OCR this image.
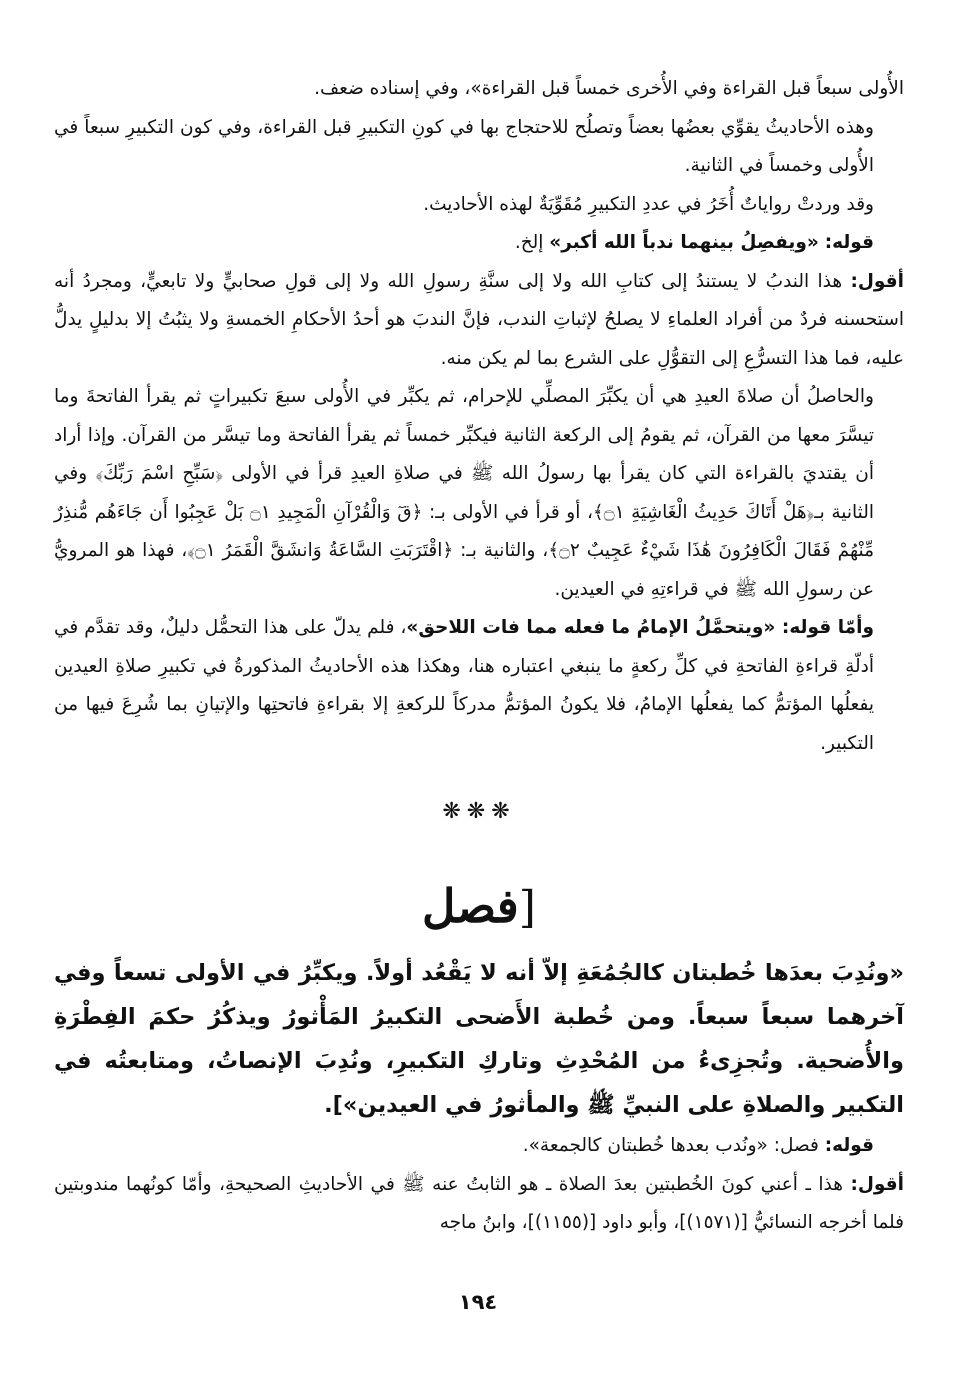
الأُولى سبعاً قبل القراءة وفي الأُخرى خمساً قبل القراءة»، وفي إسناده ضعف.

وهذه الأحاديثُ يقوِّي بعضُها بعضاً وتصلُح للاحتجاج بها في كونِ التكبيرِ قبل القراءة، وفي كون التكبيرِ سبعاً في الأُولى وخمساً في الثانية.

وقد وردتْ رواياتٌ أُخَرُ في عددِ التكبيرِ مُقَوِّيَةٌ لهذه الأحاديث.

قوله: «ويفصِلُ بينهما ندباً الله أكبر» إلخ.

أقول: هذا الندبُ لا يستندُ إلى كتابِ الله ولا إلى سنَّةِ رسولِ الله ولا إلى قولِ صحابيٍّ ولا تابعيٍّ، ومجردُ أنه استحسنه فردٌ من أفراد العلماءِ لا يصلحُ لإثباتِ الندب، فإنَّ الندبَ هو أحدُ الأحكامِ الخمسةِ ولا يثبُتُ إلا بدليلٍ يدلُّ عليه، فما هذا التسرُّعِ إلى التقوُّلِ على الشرع بما لم يكن منه.

والحاصلُ أن صلاةَ العيدِ هي أن يكبِّرَ المصلِّي للإحرام، ثم يكبِّر في الأُولى سبعَ تكبيراتٍ ثم يقرأ الفاتحةَ وما تيسَّرَ معها من القرآن، ثم يقومُ إلى الركعة الثانية فيكبِّر خمساً ثم يقرأ الفاتحة وما تيسَّر من القرآن. وإذا أراد أن يقتديَ بالقراءة التي كان يقرأ بها رسولُ الله ﷺ في صلاةِ العيدِ قرأ في الأولى ﴿سَبِّحِ اسْمَ رَبِّكَ﴾ وفي الثانية بـ﴿هَلْ أَتَاكَ حَدِيثُ الْغَاشِيَةِ ۝١﴾، أو قرأ في الأولى بـ: ﴿قٓ وَالْقُرْآنِ الْمَجِيدِ ۝١ بَلْ عَجِبُوا أَن جَاءَهُم مُّنذِرٌ مِّنْهُمْ فَقَالَ الْكَافِرُونَ هَٰذَا شَيْءٌ عَجِيبٌ ۝٢﴾، والثانية بـ: ﴿اقْتَرَبَتِ السَّاعَةُ وَانشَقَّ الْقَمَرُ ۝١﴾، فهذا هو المرويُّ عن رسولِ الله ﷺ في قراءتِهِ في العيدين.

وأمّا قوله: «ويتحمَّلُ الإمامُ ما فعله مما فات اللاحق»، فلم يدلّ على هذا التحمُّل دليلٌ، وقد تقدَّم في أدلّةِ قراءةِ الفاتحةِ في كلِّ ركعةٍ ما ينبغي اعتباره هنا، وهكذا هذه الأحاديثُ المذكورةُ في تكبيرِ صلاةِ العيدين يفعلُها المؤتمُّ كما يفعلُها الإمامُ، فلا يكونُ المؤتمُّ مدركاً للركعةِ إلا بقراءةِ فاتحتِها والإتيانِ بما شُرِعَ فيها من التكبير.

❋❋❋
[فصل

«ونُدِبَ بعدَها خُطبتان كالجُمُعَةِ إلاّ أنه لا يَقْعُد أولاً. ويكبِّرُ في الأولى تسعاً وفي آخرهما سبعاً سبعاً. ومن خُطبة الأَضحى التكبيرُ المَأْثورُ ويذكُرُ حكمَ الفِطْرَةِ والأُضحية. وتُجزِىءُ من المُحْدِثِ وتاركِ التكبيرِ، ونُدِبَ الإنصاتُ، ومتابعتُه في التكبير والصلاةِ على النبيِّ ﷺ والمأثورُ في العيدين»].

قوله: فصل: «ونُدب بعدها خُطبتان كالجمعة».

أقول: هذا ـ أعني كونَ الخُطبتين بعدَ الصلاة ـ هو الثابتُ عنه ﷺ في الأحاديثِ الصحيحةِ، وأمّا كونُهما مندوبتين فلما أخرجه النسائيُّ [(١٥٧١)]، وأبو داود [(١١٥٥)]، وابنُ ماجه

١٩٤
